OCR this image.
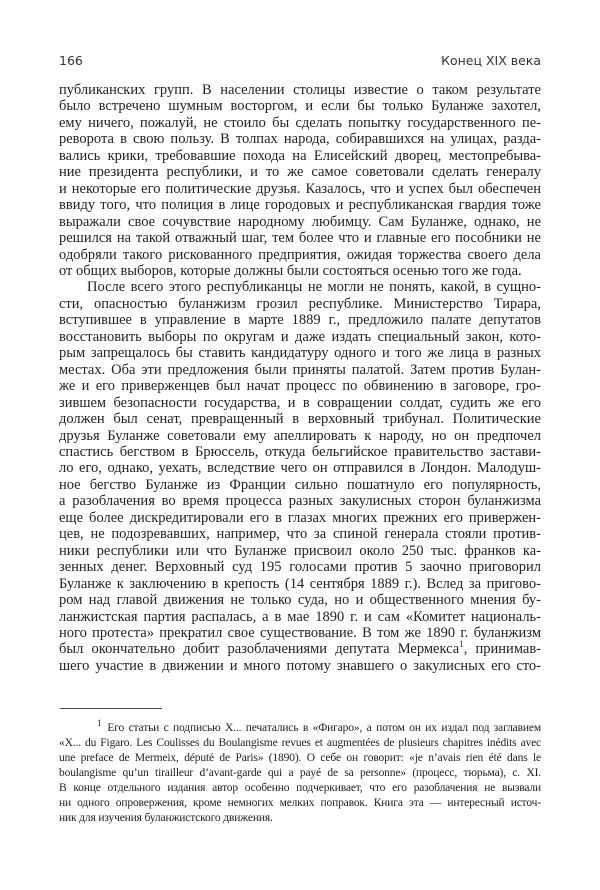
166	Конец XIX века
публиканских групп. В населении столицы известие о таком результате
было встречено шумным восторгом, и если бы только Буланже захотел,
ему ничего, пожалуй, не стоило бы сделать попытку государственного пе-
реворота в свою пользу. В толпах народа, собиравшихся на улицах, разда-
вались крики, требовавшие похода на Елисейский дворец, местопребыва-
ние президента республики, и то же самое советовали сделать генералу
и некоторые его политические друзья. Казалось, что и успех был обеспечен
ввиду того, что полиция в лице городовых и республиканская гвардия тоже
выражали свое сочувствие народному любимцу. Сам Буланже, однако, не
решился на такой отважный шаг, тем более что и главные его пособники не
одобряли такого рискованного предприятия, ожидая торжества своего дела
от общих выборов, которые должны были состояться осенью того же года.
После всего этого республиканцы не могли не понять, какой, в сущно-
сти, опасностью буланжизм грозил республике. Министерство Тирара,
вступившее в управление в марте 1889 г., предложило палате депутатов
восстановить выборы по округам и даже издать специальный закон, кото-
рым запрещалось бы ставить кандидатуру одного и того же лица в разных
местах. Оба эти предложения были приняты палатой. Затем против Булан-
же и его приверженцев был начат процесс по обвинению в заговоре, гро-
зившем безопасности государства, и в совращении солдат, судить же его
должен был сенат, превращенный в верховный трибунал. Политические
друзья Буланже советовали ему апеллировать к народу, но он предпочел
спастись бегством в Брюссель, откуда бельгийское правительство застави-
ло его, однако, уехать, вследствие чего он отправился в Лондон. Малодуш-
ное бегство Буланже из Франции сильно пошатнуло его популярность,
а разоблачения во время процесса разных закулисных сторон буланжизма
еще более дискредитировали его в глазах многих прежних его привержен-
цев, не подозревавших, например, что за спиной генерала стояли против-
ники республики или что Буланже присвоил около 250 тыс. франков ка-
зенных денег. Верховный суд 195 голосами против 5 заочно приговорил
Буланже к заключению в крепость (14 сентября 1889 г.). Вслед за пригово-
ром над главой движения не только суда, но и общественного мнения бу-
ланжистская партия распалась, а в мае 1890 г. и сам «Комитет националь-
ного протеста» прекратил свое существование. В том же 1890 г. буланжизм
был окончательно добит разоблачениями депутата Мермекса$^1$, принимав-
шего участие в движении и много потому знавшего о закулисных его сто-
$^1$ Его статьи с подписью X... печатались в «Фигаро», а потом он их издал под заглавием
«X... du Figaro. Les Coulisses du Boulangisme revues et augmentées de plusieurs chapitres inédits avec
une preface de Mermeix, député de Paris» (1890). О себе он говорит: «je n’avais rien été dans le
boulangisme qu’un tirailleur d’avant-garde qui a payé de sa personne» (процесс, тюрьма), с. XI.
В конце отдельного издания автор особенно подчеркивает, что его разоблачения не вызвали
ни одного опровержения, кроме немногих мелких поправок. Книга эта — интересный источ-
ник для изучения буланжистского движения.
